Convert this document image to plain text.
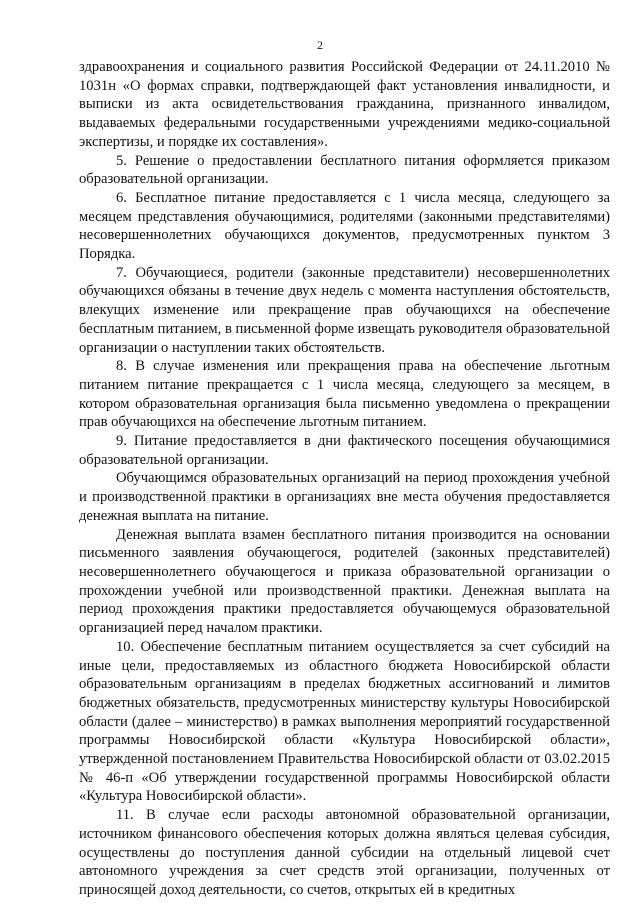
2

здравоохранения и социального развития Российской Федерации от 24.11.2010 № 1031н «О формах справки, подтверждающей факт установления инвалидности, и выписки из акта освидетельствования гражданина, признанного инвалидом, выдаваемых федеральными государственными учреждениями медико-социальной экспертизы, и порядке их составления».

5. Решение о предоставлении бесплатного питания оформляется приказом образовательной организации.

6. Бесплатное питание предоставляется с 1 числа месяца, следующего за месяцем представления обучающимися, родителями (законными представителями) несовершеннолетних обучающихся документов, предусмотренных пунктом 3 Порядка.

7. Обучающиеся, родители (законные представители) несовершеннолетних обучающихся обязаны в течение двух недель с момента наступления обстоятельств, влекущих изменение или прекращение прав обучающихся на обеспечение бесплатным питанием, в письменной форме извещать руководителя образовательной организации о наступлении таких обстоятельств.

8. В случае изменения или прекращения права на обеспечение льготным питанием питание прекращается с 1 числа месяца, следующего за месяцем, в котором образовательная организация была письменно уведомлена о прекращении прав обучающихся на обеспечение льготным питанием.

9. Питание предоставляется в дни фактического посещения обучающимися образовательной организации.

Обучающимся образовательных организаций на период прохождения учебной и производственной практики в организациях вне места обучения предоставляется денежная выплата на питание.

Денежная выплата взамен бесплатного питания производится на основании письменного заявления обучающегося, родителей (законных представителей) несовершеннолетнего обучающегося и приказа образовательной организации о прохождении учебной или производственной практики. Денежная выплата на период прохождения практики предоставляется обучающемуся образовательной организацией перед началом практики.

10. Обеспечение бесплатным питанием осуществляется за счет субсидий на иные цели, предоставляемых из областного бюджета Новосибирской области образовательным организациям в пределах бюджетных ассигнований и лимитов бюджетных обязательств, предусмотренных министерству культуры Новосибирской области (далее – министерство) в рамках выполнения мероприятий государственной программы Новосибирской области «Культура Новосибирской области», утвержденной постановлением Правительства Новосибирской области от 03.02.2015 № 46-п «Об утверждении государственной программы Новосибирской области «Культура Новосибирской области».

11. В случае если расходы автономной образовательной организации, источником финансового обеспечения которых должна являться целевая субсидия, осуществлены до поступления данной субсидии на отдельный лицевой счет автономного учреждения за счет средств этой организации, полученных от приносящей доход деятельности, со счетов, открытых ей в кредитных
